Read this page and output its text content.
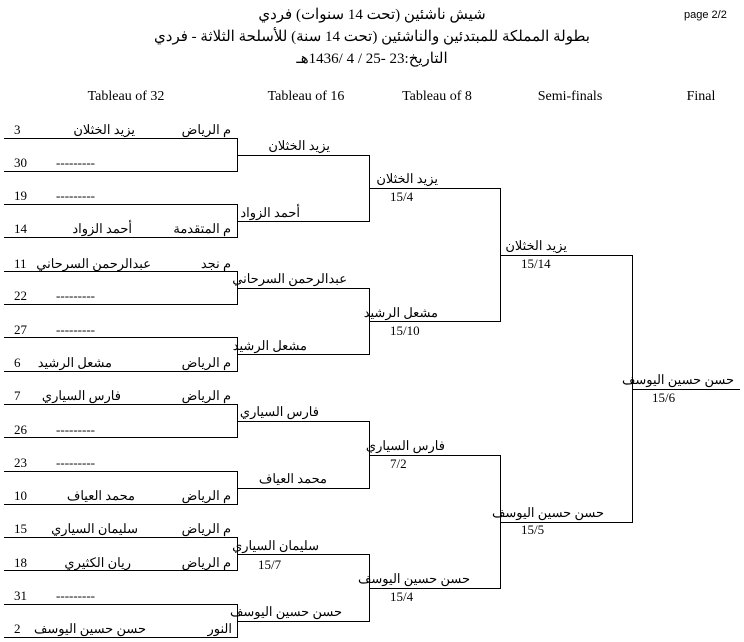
page 2/2
شيش ناشئين (تحت 14 سنوات) فردي
بطولة المملكة للمبتدئين والناشئين (تحت 14 سنة) للأسلحة الثلاثة - فردي
التاريخ:23 -25 / 4 /1436هـ
Tableau of 32	Tableau of 16	Tableau of 8	Semi-finals	Final
3	يزيد الخثلان	م الرياض
30 ---------
19 ---------
14	أحمد الزواد	م المتقدمة
11 عبدالرحمن السرحاني	م نجد
22 ---------
27 ---------
6 مشعل الرشيد	م الرياض
7 فارس السياري	م الرياض
26 ---------
23 ---------
10	محمد العياف	م الرياض
15 سليمان السياري	م الرياض
18	ريان الكثيري	م الرياض
31 ---------
2 حسن حسين اليوسف	النور
يزيد الخثلان
أحمد الزواد
عبدالرحمن السرحاني
مشعل الرشيد
فارس السياري
محمد العياف
سليمان السياري
15/7
حسن حسين اليوسف
يزيد الخثلان
15/4
مشعل الرشيد
15/10
فارس السياري
7/2
حسن حسين اليوسف
15/4
يزيد الخثلان
15/14
حسن حسين اليوسف
15/5
حسن حسين اليوسف
15/6
